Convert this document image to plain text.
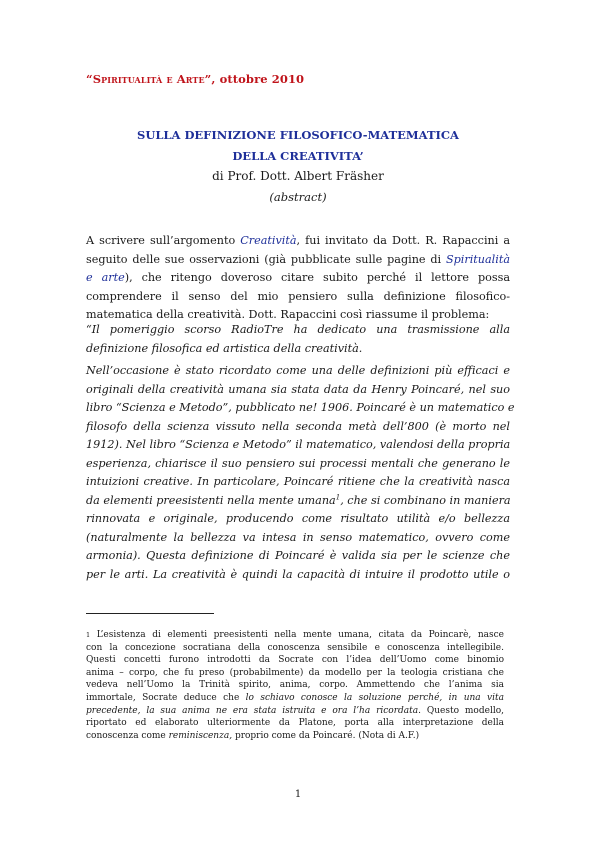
“Spiritualità e Arte”, ottobre 2010
SULLA DEFINIZIONE FILOSOFICO-MATEMATICA
DELLA CREATIVITA’
di Prof. Dott. Albert Fräsher
(abstract)
A scrivere sull’argomento Creatività, fui invitato da Dott. R. Rapaccini a
seguito delle sue osservazioni (già pubblicate sulle pagine di Spiritualità
e arte), che ritengo doveroso citare subito perché il lettore possa
comprendere il senso del mio pensiero sulla definizione filosofico-
matematica della creatività. Dott. Rapaccini così riassume il problema:
“Il pomeriggio scorso RadioTre ha dedicato una trasmissione alla
definizione filosofica ed artistica della creatività.
Nell’occasione è stato ricordato come una delle definizioni più efficaci e
originali della creatività umana sia stata data da Henry Poincaré, nel suo
libro “Scienza e Metodo”, pubblicato ne! 1906. Poincaré è un matematico e
filosofo della scienza vissuto nella seconda metà dell’800 (è morto nel
1912). Nel libro “Scienza e Metodo” il matematico, valendosi della propria
esperienza, chiarisce il suo pensiero sui processi mentali che generano le
intuizioni creative. In particolare, Poincaré ritiene che la creatività nasca
da elementi preesistenti nella mente umana$^1$, che si combinano in maniera
rinnovata e originale, producendo come risultato utilità e/o bellezza
(naturalmente la bellezza va intesa in senso matematico, ovvero come
armonia). Questa definizione di Poincaré è valida sia per le scienze che
per le arti. La creatività è quindi la capacità di intuire il prodotto utile o
$^1$ L’esistenza di elementi preesistenti nella mente umana, citata da Poincarè, nasce
con la concezione socratiana della conoscenza sensibile e conoscenza intellegibile.
Questi concetti furono introdotti da Socrate con l’idea dell’Uomo come binomio
anima – corpo, che fu preso (probabilmente) da modello per la teologia cristiana che
vedeva nell’Uomo la Trinità spirito, anima, corpo. Ammettendo che l’anima sia
immortale, Socrate deduce che lo schiavo conosce la soluzione perché, in una vita
precedente, la sua anima ne era stata istruita e ora l’ha ricordata. Questo modello,
riportato ed elaborato ulteriormente da Platone, porta alla interpretazione della
conoscenza come reminiscenza, proprio come da Poincaré. (Nota di A.F.)
1
